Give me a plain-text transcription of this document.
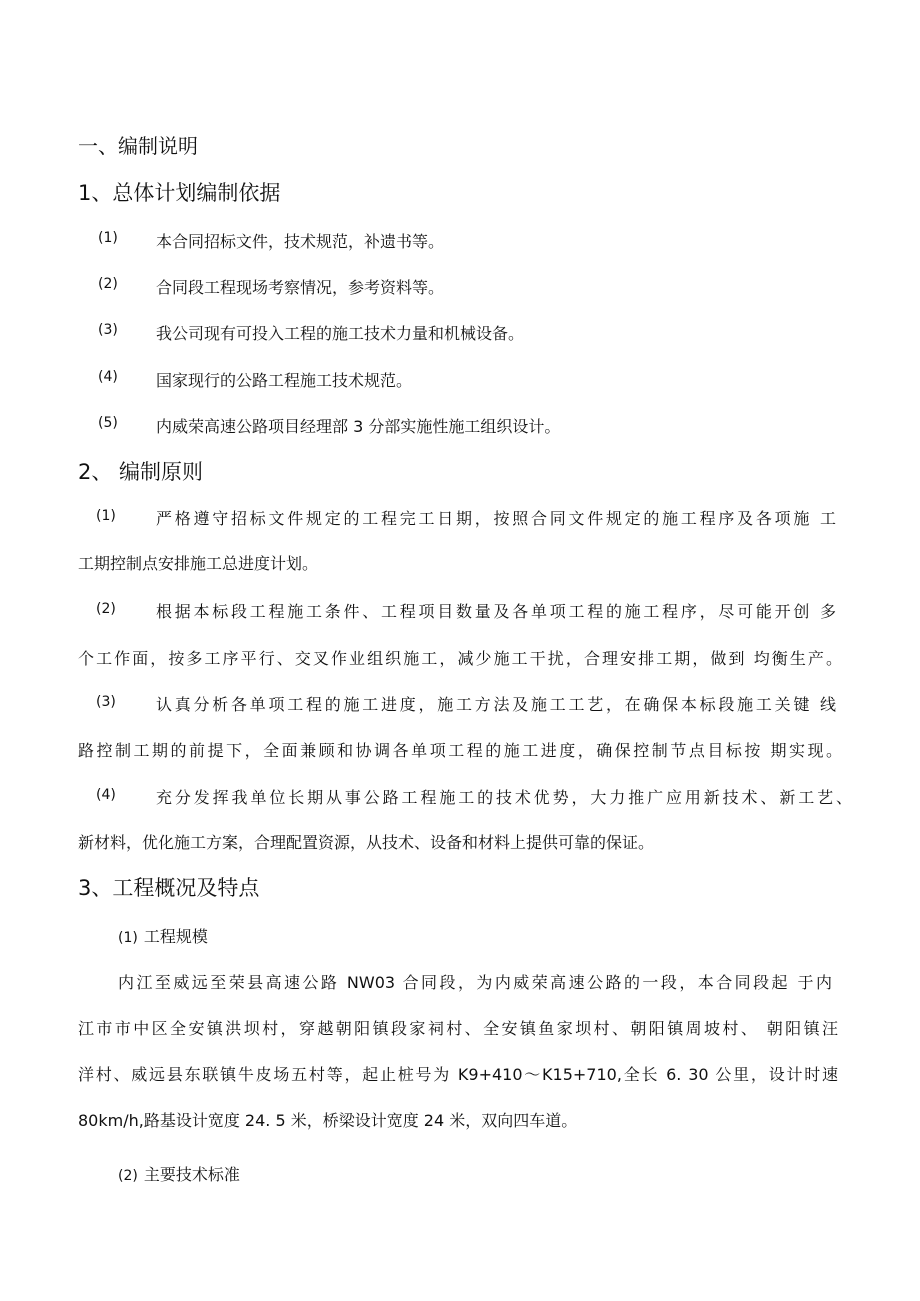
一、编制说明
1、总体计划编制依据
(1) 本合同招标文件，技术规范，补遗书等。
(2) 合同段工程现场考察情况，参考资料等。
(3) 我公司现有可投入工程的施工技术力量和机械设备。
(4) 国家现行的公路工程施工技术规范。
(5) 内威荣高速公路项目经理部 3 分部实施性施工组织设计。
2、 编制原则
(1)	严格遵守招标文件规定的工程完工日期，按照合同文件规定的施工程序及各项施 工
工期控制点安排施工总进度计划。
(2)	根据本标段工程施工条件、工程项目数量及各单项工程的施工程序，尽可能开创 多
个工作面，按多工序平行、交叉作业组织施工，减少施工干扰，合理安排工期，做到 均衡生产。
(3)	认真分析各单项工程的施工进度，施工方法及施工工艺，在确保本标段施工关键 线
路控制工期的前提下，全面兼顾和协调各单项工程的施工进度，确保控制节点目标按 期实现。
(4)	充分发挥我单位长期从事公路工程施工的技术优势，大力推广应用新技术、新工艺、
新材料，优化施工方案，合理配置资源，从技术、设备和材料上提供可靠的保证。
3、工程概况及特点
(1) 工程规模
内江至威远至荣县高速公路 NW03 合同段，为内威荣高速公路的一段，本合同段起 于内
江市市中区全安镇洪坝村，穿越朝阳镇段家祠村、全安镇鱼家坝村、朝阳镇周坡村、 朝阳镇汪
洋村、威远县东联镇牛皮场五村等，起止桩号为 K9+410～K15+710,全长 6. 30 公里，设计时速
80km/h,路基设计宽度 24. 5 米，桥梁设计宽度 24 米，双向四车道。
(2) 主要技术标准
